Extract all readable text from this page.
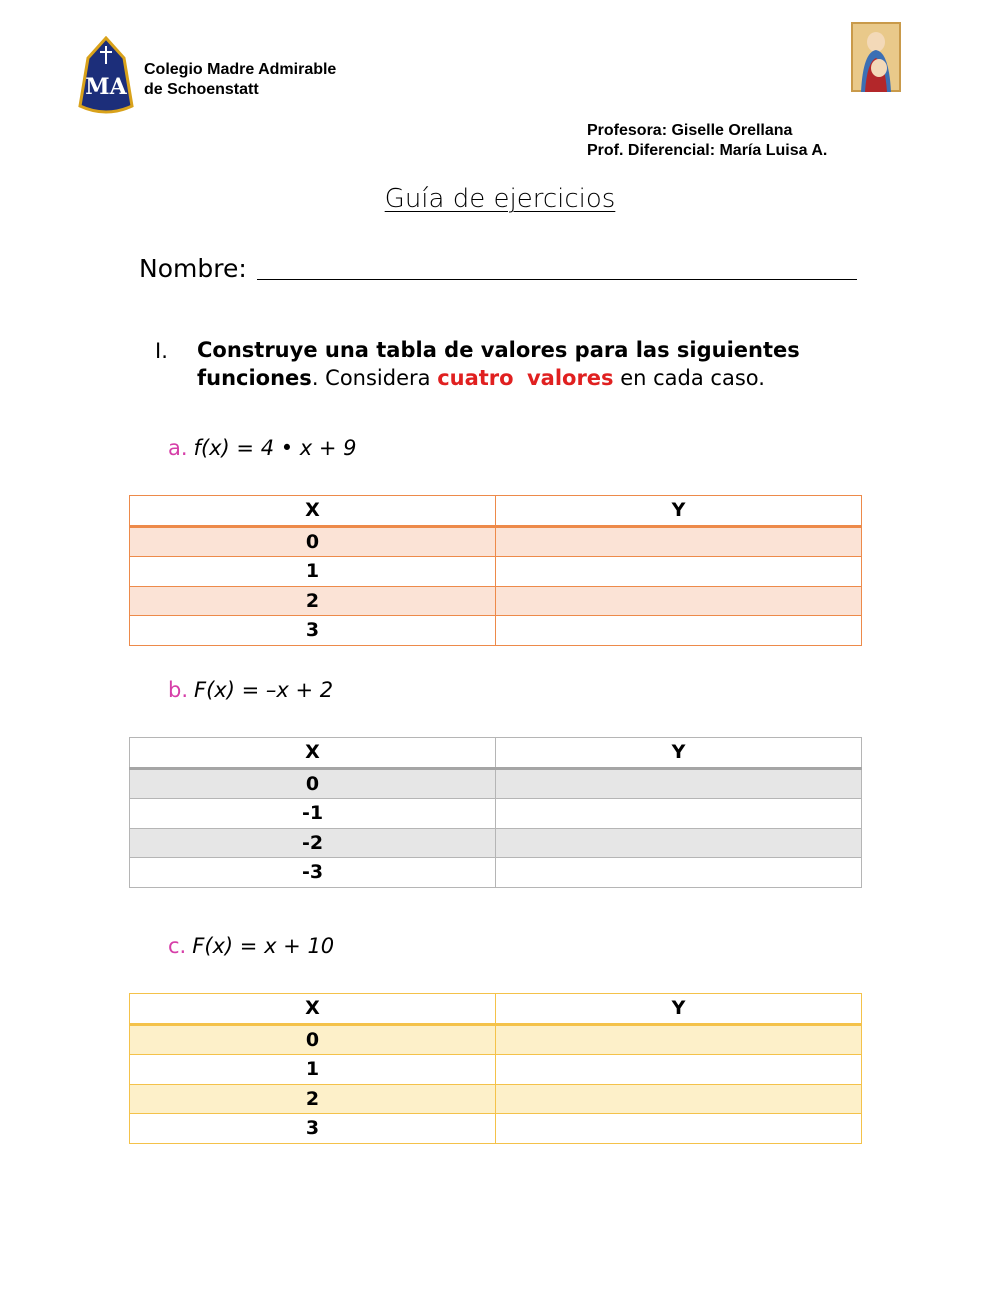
MA
Colegio Madre Admirable
de Schoenstatt
Profesora: Giselle Orellana
Prof. Diferencial: María Luisa A.
Guía de ejercicios
Nombre:
I. Construye una tabla de valores para las siguientes funciones. Considera cuatro valores en cada caso.
a. f(x) = 4 • x + 9
X	Y
0	
1	
2	
3	
b. F(x) = –x + 2
X	Y
0	
-1	
-2	
-3	
c. F(x) = x + 10
X	Y
0	
1	
2	
3	
